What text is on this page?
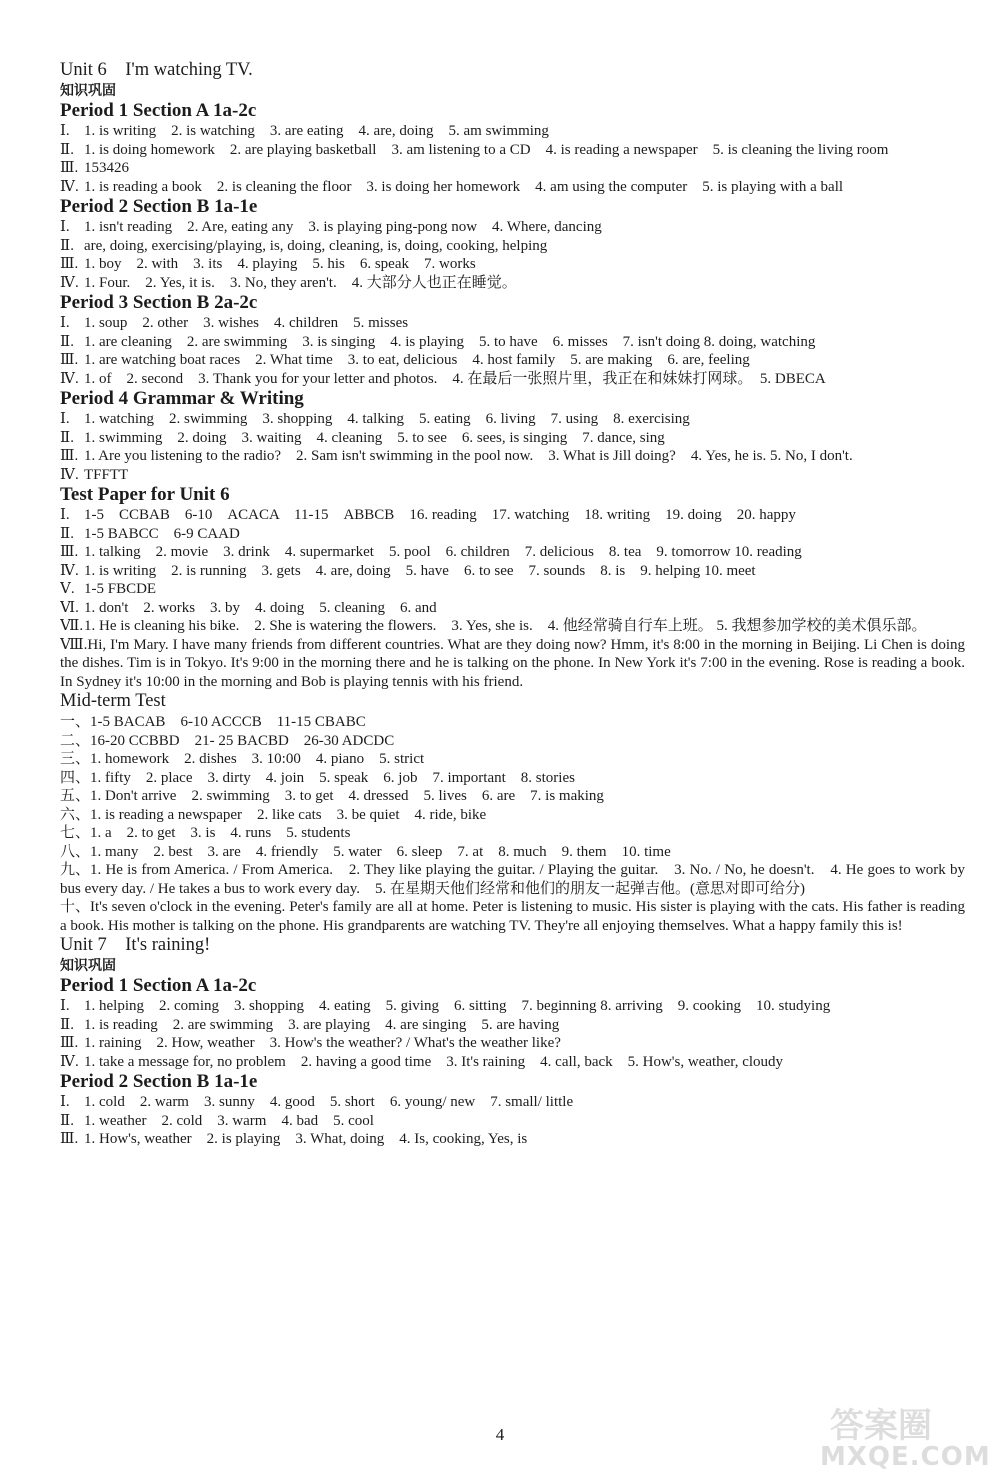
Unit 6　I'm watching TV.
知识巩固
Period 1 Section A 1a-2c
Ⅰ. 1. is writing　2. is watching　3. are eating　4. are, doing　5. am swimming
Ⅱ. 1. is doing homework　2. are playing basketball　3. am listening to a CD　4. is reading a newspaper　5. is cleaning the living room
Ⅲ. 153426
Ⅳ. 1. is reading a book　2. is cleaning the floor　3. is doing her homework　4. am using the computer　5. is playing with a ball
Period 2 Section B 1a-1e
Ⅰ. 1. isn't reading　2. Are, eating any　3. is playing ping-pong now　4. Where, dancing
Ⅱ. are, doing, exercising/playing, is, doing, cleaning, is, doing, cooking, helping
Ⅲ. 1. boy　2. with　3. its　4. playing　5. his　6. speak　7. works
Ⅳ. 1. Four.　2. Yes, it is.　3. No, they aren't.　4. 大部分人也正在睡觉。
Period 3 Section B 2a-2c
Ⅰ. 1. soup　2. other　3. wishes　4. children　5. misses
Ⅱ. 1. are cleaning　2. are swimming　3. is singing　4. is playing　5. to have　6. misses　7. isn't doing 8. doing, watching
Ⅲ. 1. are watching boat races　2. What time　3. to eat, delicious　4. host family　5. are making　6. are, feeling
Ⅳ. 1. of　2. second　3. Thank you for your letter and photos.　4. 在最后一张照片里，我正在和妹妹打网球。　5. DBECA
Period 4 Grammar & Writing
Ⅰ. 1. watching　2. swimming　3. shopping　4. talking　5. eating　6. living　7. using　8. exercising
Ⅱ. 1. swimming　2. doing　3. waiting　4. cleaning　5. to see　6. sees, is singing　7. dance, sing
Ⅲ. 1. Are you listening to the radio?　2. Sam isn't swimming in the pool now.　3. What is Jill doing?　4. Yes, he is. 5. No, I don't.
Ⅳ. TFFTT
Test Paper for Unit 6
Ⅰ. 1-5　CCBAB　6-10　ACACA　11-15　ABBCB　16. reading　17. watching　18. writing　19. doing　20. happy
Ⅱ. 1-5 BABCC　6-9 CAAD
Ⅲ. 1. talking　2. movie　3. drink　4. supermarket　5. pool　6. children　7. delicious　8. tea　9. tomorrow 10. reading
Ⅳ. 1. is writing　2. is running　3. gets　4. are, doing　5. have　6. to see　7. sounds　8. is　9. helping 10. meet
Ⅴ. 1-5 FBCDE
Ⅵ. 1. don't　2. works　3. by　4. doing　5. cleaning　6. and
Ⅶ.1. He is cleaning his bike.　2. She is watering the flowers.　3. Yes, she is.　4. 他经常骑自行车上班。 5. 我想参加学校的美术俱乐部。
Ⅷ.Hi, I'm Mary. I have many friends from different countries. What are they doing now? Hmm, it's 8:00 in the morning in Beijing. Li Chen is doing the dishes. Tim is in Tokyo. It's 9:00 in the morning there and he is talking on the phone. In New York it's 7:00 in the evening. Rose is reading a book. In Sydney it's 10:00 in the morning and Bob is playing tennis with his friend.
Mid-term Test
一、1-5 BACAB　6-10 ACCCB　11-15 CBABC
二、16-20 CCBBD　21- 25 BACBD　26-30 ADCDC
三、1. homework　2. dishes　3. 10:00　4. piano　5. strict
四、1. fifty　2. place　3. dirty　4. join　5. speak　6. job　7. important　8. stories
五、1. Don't arrive　2. swimming　3. to get　4. dressed　5. lives　6. are　7. is making
六、1. is reading a newspaper　2. like cats　3. be quiet　4. ride, bike
七、1. a　2. to get　3. is　4. runs　5. students
八、1. many　2. best　3. are　4. friendly　5. water　6. sleep　7. at　8. much　9. them　10. time
九、1. He is from America. / From America.　2. They like playing the guitar. / Playing the guitar.　3. No. / No, he doesn't.　4. He goes to work by bus every day. / He takes a bus to work every day.　5. 在星期天他们经常和他们的朋友一起弹吉他。(意思对即可给分)
十、It's seven o'clock in the evening. Peter's family are all at home. Peter is listening to music. His sister is playing with the cats. His father is reading a book. His mother is talking on the phone. His grandparents are watching TV. They're all enjoying themselves. What a happy family this is!
Unit 7　It's raining!
知识巩固
Period 1 Section A 1a-2c
Ⅰ. 1. helping　2. coming　3. shopping　4. eating　5. giving　6. sitting　7. beginning 8. arriving　9. cooking　10. studying
Ⅱ. 1. is reading　2. are swimming　3. are playing　4. are singing　5. are having
Ⅲ. 1. raining　2. How, weather　3. How's the weather? / What's the weather like?
Ⅳ. 1. take a message for, no problem　2. having a good time　3. It's raining　4. call, back　5. How's, weather, cloudy
Period 2 Section B 1a-1e
Ⅰ. 1. cold　2. warm　3. sunny　4. good　5. short　6. young/ new　7. small/ little
Ⅱ. 1. weather　2. cold　3. warm　4. bad　5. cool
Ⅲ. 1. How's, weather　2. is playing　3. What, doing　4. Is, cooking, Yes, is
4	答案圈
MXQE.COM
